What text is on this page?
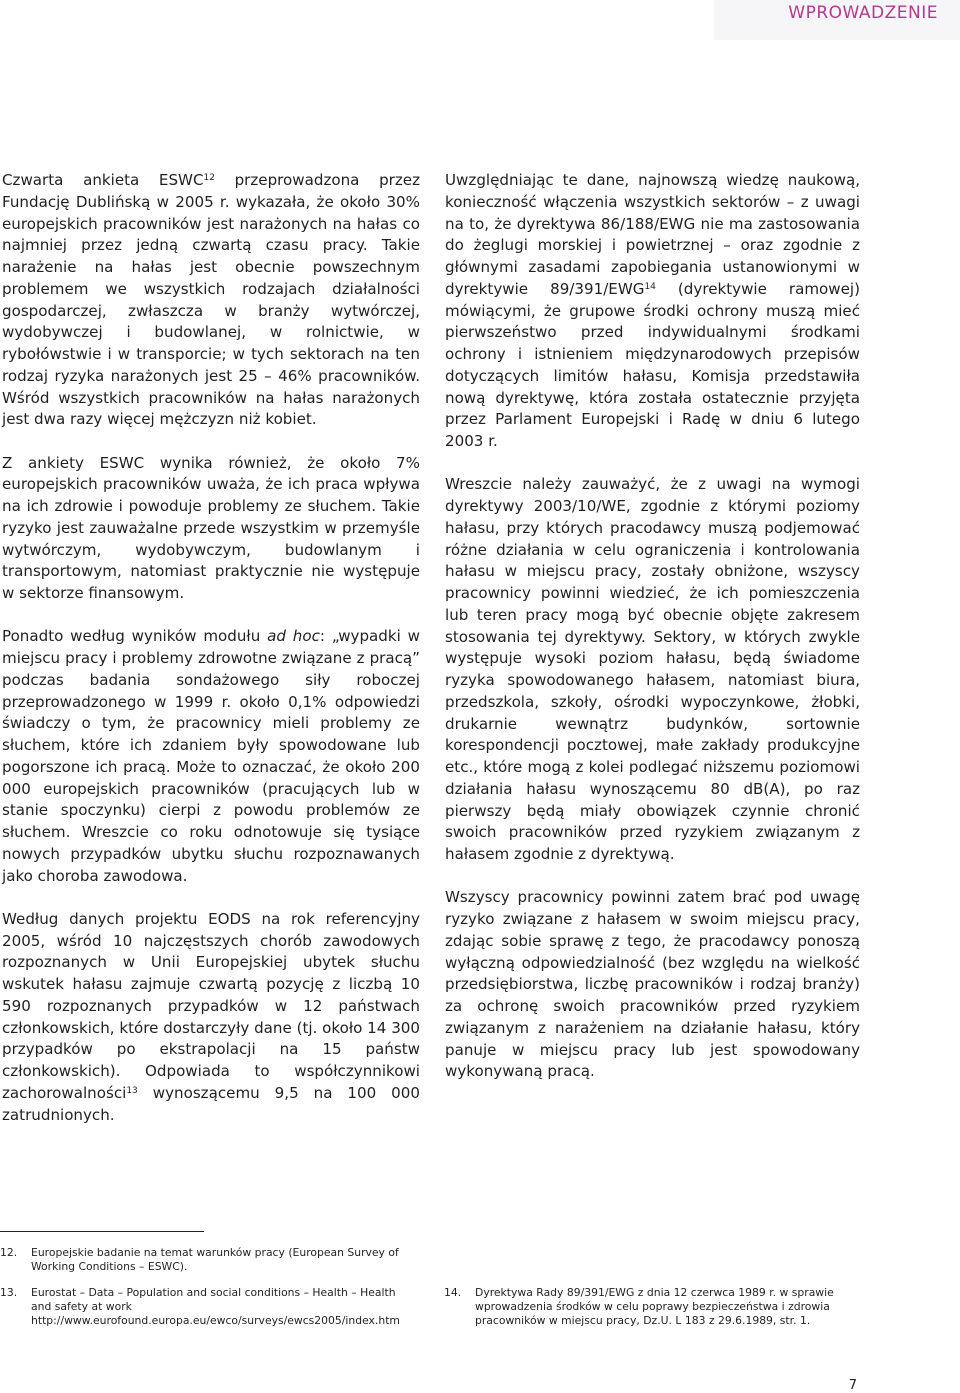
WPROWADZENIE

Czwarta ankieta ESWC$^{12}$ przeprowadzona przez Fundację Dublińską w 2005 r. wykazała, że około 30% europejskich pracowników jest narażonych na hałas co najmniej przez jedną czwartą czasu pracy. Takie narażenie na hałas jest obecnie powszechnym problemem we wszystkich rodzajach działalności gospodarczej, zwłaszcza w branży wytwórczej, wydobywczej i budowlanej, w rolnictwie, w rybołówstwie i w transporcie; w tych sektorach na ten rodzaj ryzyka narażonych jest 25 – 46% pracowników. Wśród wszystkich pracowników na hałas narażonych jest dwa razy więcej mężczyzn niż kobiet.

Z ankiety ESWC wynika również, że około 7% europejskich pracowników uważa, że ich praca wpływa na ich zdrowie i powoduje problemy ze słuchem. Takie ryzyko jest zauważalne przede wszystkim w przemyśle wytwórczym, wydobywczym, budowlanym i transportowym, natomiast praktycznie nie występuje w sektorze finansowym.

Ponadto według wyników modułu ad hoc: „wypadki w miejscu pracy i problemy zdrowotne związane z pracą” podczas badania sondażowego siły roboczej przeprowadzonego w 1999 r. około 0,1% odpowiedzi świadczy o tym, że pracownicy mieli problemy ze słuchem, które ich zdaniem były spowodowane lub pogorszone ich pracą. Może to oznaczać, że około 200 000 europejskich pracowników (pracujących lub w stanie spoczynku) cierpi z powodu problemów ze słuchem. Wreszcie co roku odnotowuje się tysiące nowych przypadków ubytku słuchu rozpoznawanych jako choroba zawodowa.

Według danych projektu EODS na rok referencyjny 2005, wśród 10 najczęstszych chorób zawodowych rozpoznanych w Unii Europejskiej ubytek słuchu wskutek hałasu zajmuje czwartą pozycję z liczbą 10 590 rozpoznanych przypadków w 12 państwach członkowskich, które dostarczyły dane (tj. około 14 300 przypadków po ekstrapolacji na 15 państw członkowskich). Odpowiada to współczynnikowi zachorowalności$^{13}$ wynoszącemu 9,5 na 100 000 zatrudnionych.

Uwzględniając te dane, najnowszą wiedzę naukową, konieczność włączenia wszystkich sektorów – z uwagi na to, że dyrektywa 86/188/EWG nie ma zastosowania do żeglugi morskiej i powietrznej – oraz zgodnie z głównymi zasadami zapobiegania ustanowionymi w dyrektywie 89/391/EWG$^{14}$ (dyrektywie ramowej) mówiącymi, że grupowe środki ochrony muszą mieć pierwszeństwo przed indywidualnymi środkami ochrony i istnieniem międzynarodowych przepisów dotyczących limitów hałasu, Komisja przedstawiła nową dyrektywę, która została ostatecznie przyjęta przez Parlament Europejski i Radę w dniu 6 lutego 2003 r.

Wreszcie należy zauważyć, że z uwagi na wymogi dyrektywy 2003/10/WE, zgodnie z którymi poziomy hałasu, przy których pracodawcy muszą podjemować różne działania w celu ograniczenia i kontrolowania hałasu w miejscu pracy, zostały obniżone, wszyscy pracownicy powinni wiedzieć, że ich pomieszczenia lub teren pracy mogą być obecnie objęte zakresem stosowania tej dyrektywy. Sektory, w których zwykle występuje wysoki poziom hałasu, będą świadome ryzyka spowodowanego hałasem, natomiast biura, przedszkola, szkoły, ośrodki wypoczynkowe, żłobki, drukarnie wewnątrz budynków, sortownie korespondencji pocztowej, małe zakłady produkcyjne etc., które mogą z kolei podlegać niższemu poziomowi działania hałasu wynoszącemu 80 dB(A), po raz pierwszy będą miały obowiązek czynnie chronić swoich pracowników przed ryzykiem związanym z hałasem zgodnie z dyrektywą.

Wszyscy pracownicy powinni zatem brać pod uwagę ryzyko związane z hałasem w swoim miejscu pracy, zdając sobie sprawę z tego, że pracodawcy ponoszą wyłączną odpowiedzialność (bez względu na wielkość przedsiębiorstwa, liczbę pracowników i rodzaj branży) za ochronę swoich pracowników przed ryzykiem związanym z narażeniem na działanie hałasu, który panuje w miejscu pracy lub jest spowodowany wykonywaną pracą.

12. Europejskie badanie na temat warunków pracy (European Survey of Working Conditions – ESWC).
13. Eurostat – Data – Population and social conditions – Health – Health and safety at work
http://www.eurofound.europa.eu/ewco/surveys/ewcs2005/index.htm
14. Dyrektywa Rady 89/391/EWG z dnia 12 czerwca 1989 r. w sprawie wprowadzenia środków w celu poprawy bezpieczeństwa i zdrowia pracowników w miejscu pracy, Dz.U. L 183 z 29.6.1989, str. 1.
7
